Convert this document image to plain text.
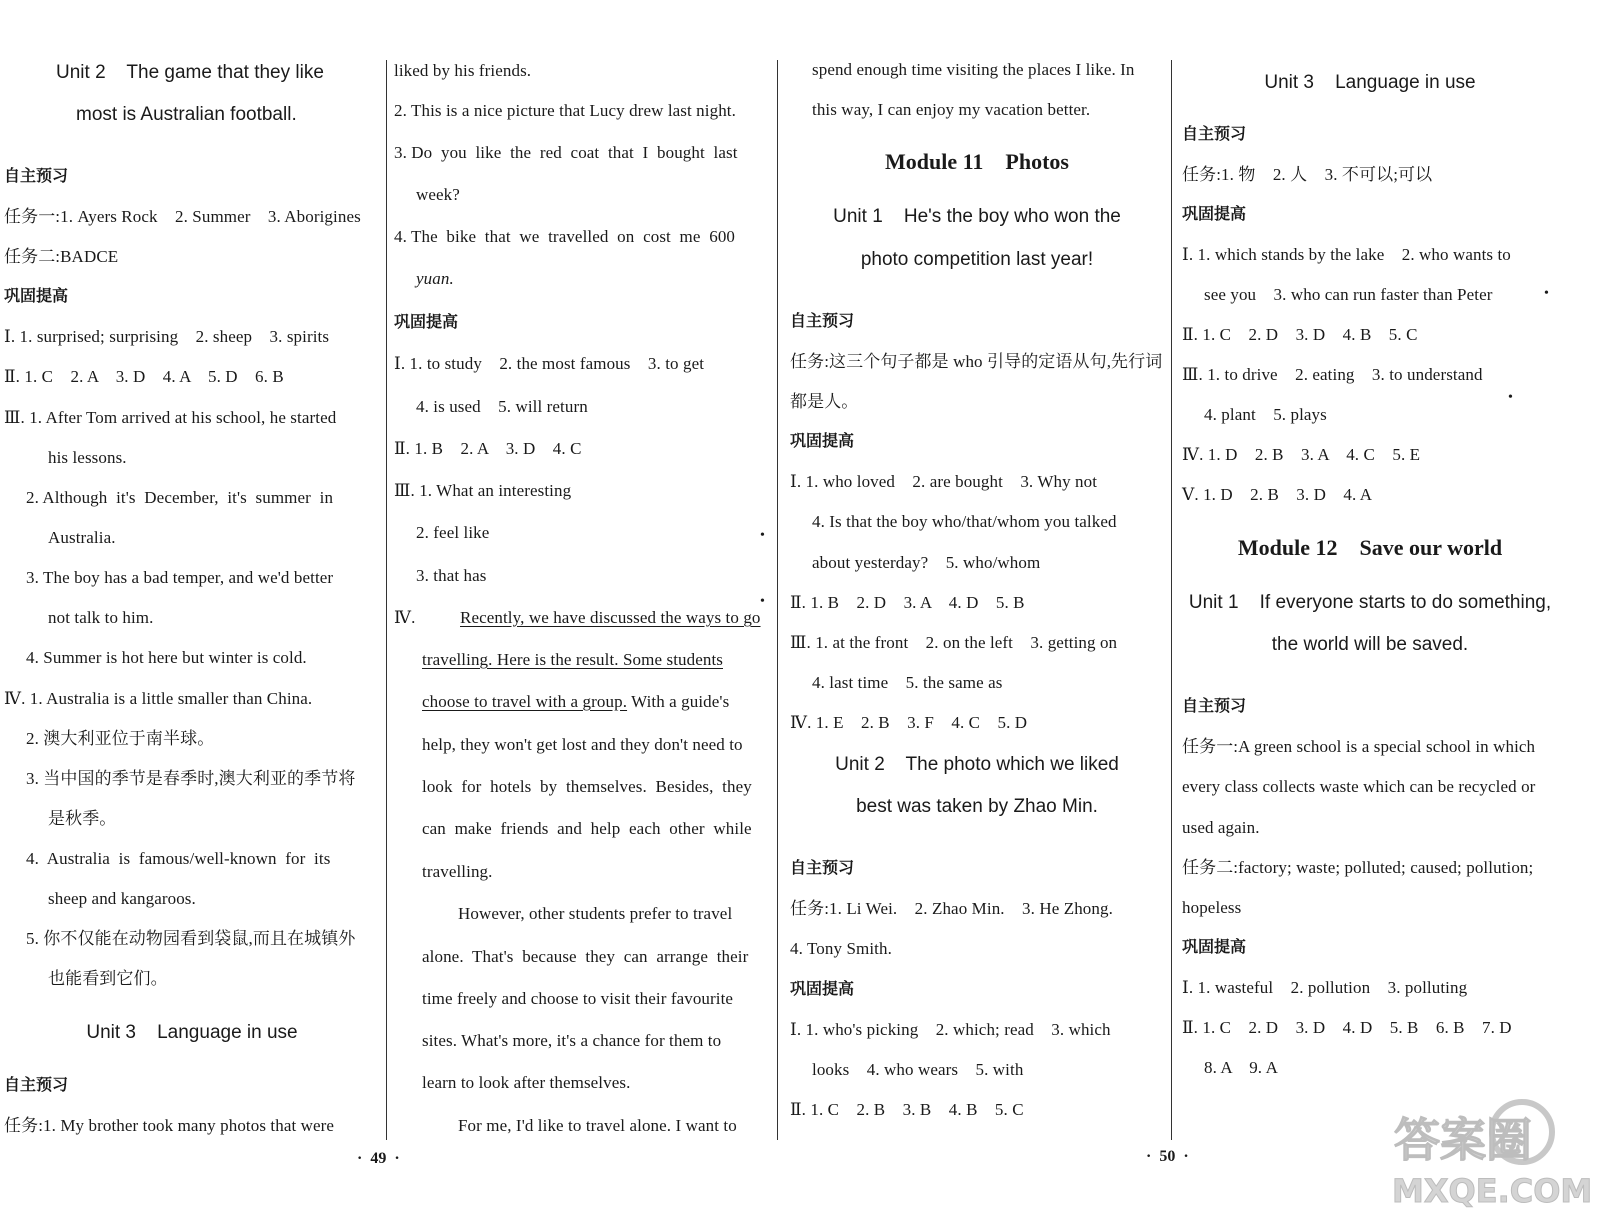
Unit 2    The game that they like
most is Australian football.
自主预习
任务一:1. Ayers Rock    2. Summer    3. Aborigines
任务二:BADCE
巩固提高
Ⅰ. 1. surprised; surprising    2. sheep    3. spirits
Ⅱ. 1. C    2. A    3. D    4. A    5. D    6. B
Ⅲ. 1. After Tom arrived at his school, he started
his lessons.
2. Although  it's  December,  it's  summer  in
Australia.
3. The boy has a bad temper, and we'd better
not talk to him.
4. Summer is hot here but winter is cold.
Ⅳ. 1. Australia is a little smaller than China.
2. 澳大利亚位于南半球。
3. 当中国的季节是春季时,澳大利亚的季节将
是秋季。
4.  Australia  is  famous/well-known  for  its
sheep and kangaroos.
5. 你不仅能在动物园看到袋鼠,而且在城镇外
也能看到它们。
Unit 3    Language in use
自主预习
任务:1. My brother took many photos that were
liked by his friends.
2. This is a nice picture that Lucy drew last night.
3. Do  you  like  the  red  coat  that  I  bought  last
week?
4. The  bike  that  we  travelled  on  cost  me  600
yuan.
巩固提高
Ⅰ. 1. to study    2. the most famous    3. to get
4. is used    5. will return
Ⅱ. 1. B    2. A    3. D    4. C
Ⅲ. 1. What an interesting
2. feel like
3. that has
Ⅳ.	Recently, we have discussed the ways to go
travelling. Here is the result. Some students
choose to travel with a group. With a guide's
help, they won't get lost and they don't need to
look  for  hotels  by  themselves.  Besides,  they
can  make  friends  and  help  each  other  while
travelling.
However, other students prefer to travel
alone.  That's  because  they  can  arrange  their
time freely and choose to visit their favourite
sites. What's more, it's a chance for them to
learn to look after themselves.
For me, I'd like to travel alone. I want to
•
•
spend enough time visiting the places I like. In
this way, I can enjoy my vacation better.
Module 11    Photos
Unit 1    He's the boy who won the
photo competition last year!
自主预习
任务:这三个句子都是 who 引导的定语从句,先行词
都是人。
巩固提高
Ⅰ. 1. who loved    2. are bought    3. Why not
4. Is that the boy who/that/whom you talked
about yesterday?    5. who/whom
Ⅱ. 1. B    2. D    3. A    4. D    5. B
Ⅲ. 1. at the front    2. on the left    3. getting on
4. last time    5. the same as
Ⅳ. 1. E    2. B    3. F    4. C    5. D
Unit 2    The photo which we liked
best was taken by Zhao Min.
自主预习
任务:1. Li Wei.    2. Zhao Min.    3. He Zhong.
4. Tony Smith.
巩固提高
Ⅰ. 1. who's picking    2. which; read    3. which
looks    4. who wears    5. with
Ⅱ. 1. C    2. B    3. B    4. B    5. C
Unit 3    Language in use
自主预习
任务:1. 物    2. 人    3. 不可以;可以
巩固提高
Ⅰ. 1. which stands by the lake    2. who wants to
see you    3. who can run faster than Peter
Ⅱ. 1. C    2. D    3. D    4. B    5. C
Ⅲ. 1. to drive    2. eating    3. to understand
4. plant    5. plays
Ⅳ. 1. D    2. B    3. A    4. C    5. E
Ⅴ. 1. D    2. B    3. D    4. A
Module 12    Save our world
Unit 1    If everyone starts to do something,
the world will be saved.
自主预习
任务一:A green school is a special school in which
every class collects waste which can be recycled or
used again.
任务二:factory; waste; polluted; caused; pollution;
hopeless
巩固提高
Ⅰ. 1. wasteful    2. pollution    3. polluting
Ⅱ. 1. C    2. D    3. D    4. D    5. B    6. B    7. D
8. A    9. A
•
•
·  49  ·	·  50  ·	答案圈
MXQE.COM
